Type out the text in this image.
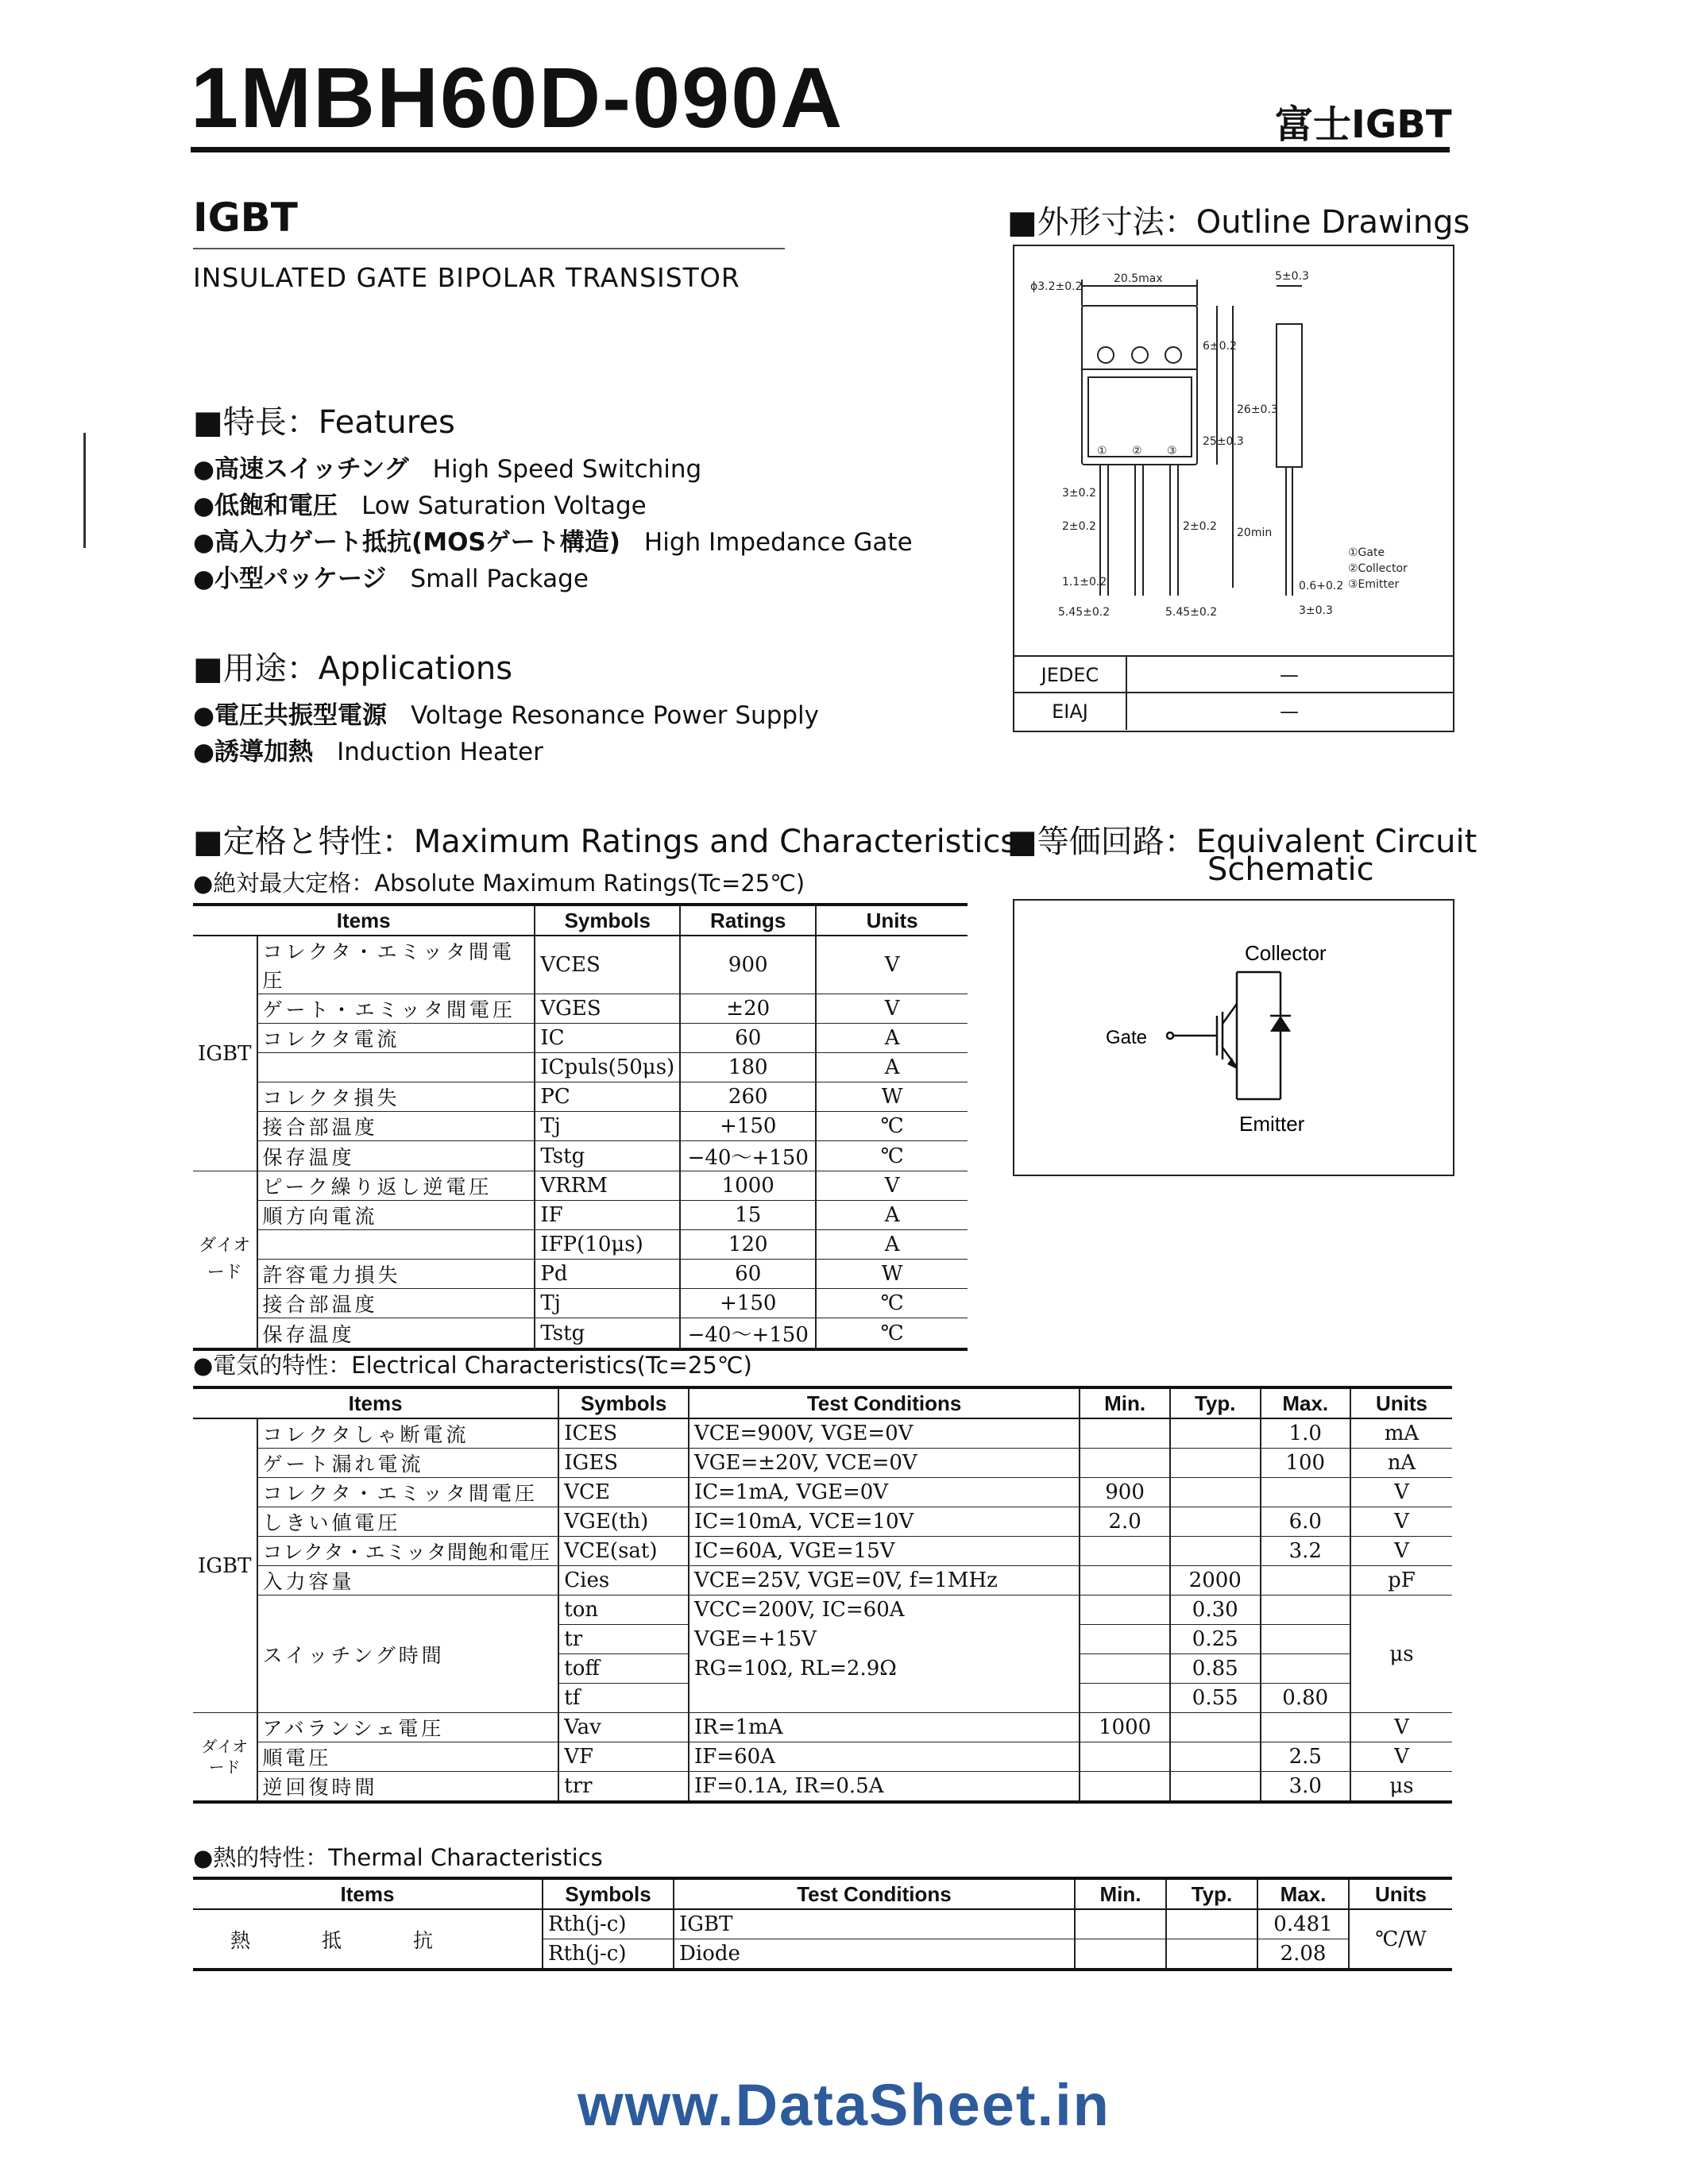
1MBH60D-090A	富士IGBT
IGBT
INSULATED GATE BIPOLAR TRANSISTOR
■特長：Features
●高速スイッチング High Speed Switching
●低飽和電圧 Low Saturation Voltage
●高入力ゲート抵抗(MOSゲート構造) High Impedance Gate
●小型パッケージ Small Package
■用途：Applications
●電圧共振型電源 Voltage Resonance Power Supply
●誘導加熱 Induction Heater
■外形寸法：Outline Drawings
ϕ3.2±0.2
20.5max	5±0.3
6±0.2
26±0.3
25±0.3
20min
3±0.2
2±0.2	2±0.2
1.1±0.2
5.45±0.2	5.45±0.2
0.6+0.2
3±0.3
① ② ③
①Gate
②Collector
③Emitter
JEDEC	—
EIAJ	—
■等価回路：Equivalent Circuit
Schematic
Collector
Gate
Emitter
■定格と特性：Maximum Ratings and Characteristics
●絶対最大定格：Absolute Maximum Ratings(Tc=25℃)
Items		Symbols	Ratings	Units
IGBT	コレクタ・エミッタ間電圧	VCES	900	V
	ゲート・エミッタ間電圧	VGES	±20	V
	コレクタ電流	IC	60	A
		ICpuls(50μs)	180	A
	コレクタ損失	PC	260	W
	接合部温度	Tj	+150	℃
	保存温度	Tstg	−40～+150	℃
ダイオード	ピーク繰り返し逆電圧	VRRM	1000	V
	順方向電流	IF	15	A
		IFP(10μs)	120	A
	許容電力損失	Pd	60	W
	接合部温度	Tj	+150	℃
	保存温度	Tstg	−40～+150	℃
●電気的特性：Electrical Characteristics(Tc=25℃)
Items		Symbols	Test Conditions	Min.	Typ.	Max.	Units
IGBT	コレクタしゃ断電流	ICES	VCE=900V, VGE=0V			1.0	mA
	ゲート漏れ電流	IGES	VGE=±20V, VCE=0V			100	nA
	コレクタ・エミッタ間電圧	VCE	IC=1mA, VGE=0V	900			V
	しきい値電圧	VGE(th)	IC=10mA, VCE=10V	2.0		6.0	V
	コレクタ・エミッタ間飽和電圧	VCE(sat)	IC=60A, VGE=15V			3.2	V
	入力容量	Cies	VCE=25V, VGE=0V, f=1MHz		2000		pF
	スイッチング時間	ton	VCC=200V, IC=60A		0.30		μs
		tr	VGE=+15V		0.25		
		toff	RG=10Ω, RL=2.9Ω		0.85		
		tf			0.55	0.80	
ダイオード	アバランシェ電圧	Vav	IR=1mA	1000			V
	順電圧	VF	IF=60A			2.5	V
	逆回復時間	trr	IF=0.1A, IR=0.5A			3.0	μs
●熱的特性：Thermal Characteristics
Items	Symbols	Test Conditions	Min.	Typ.	Max.	Units
熱抵抗	Rth(j-c)	IGBT			0.481	℃/W
	Rth(j-c)	Diode			2.08	
www.DataSheet.in
